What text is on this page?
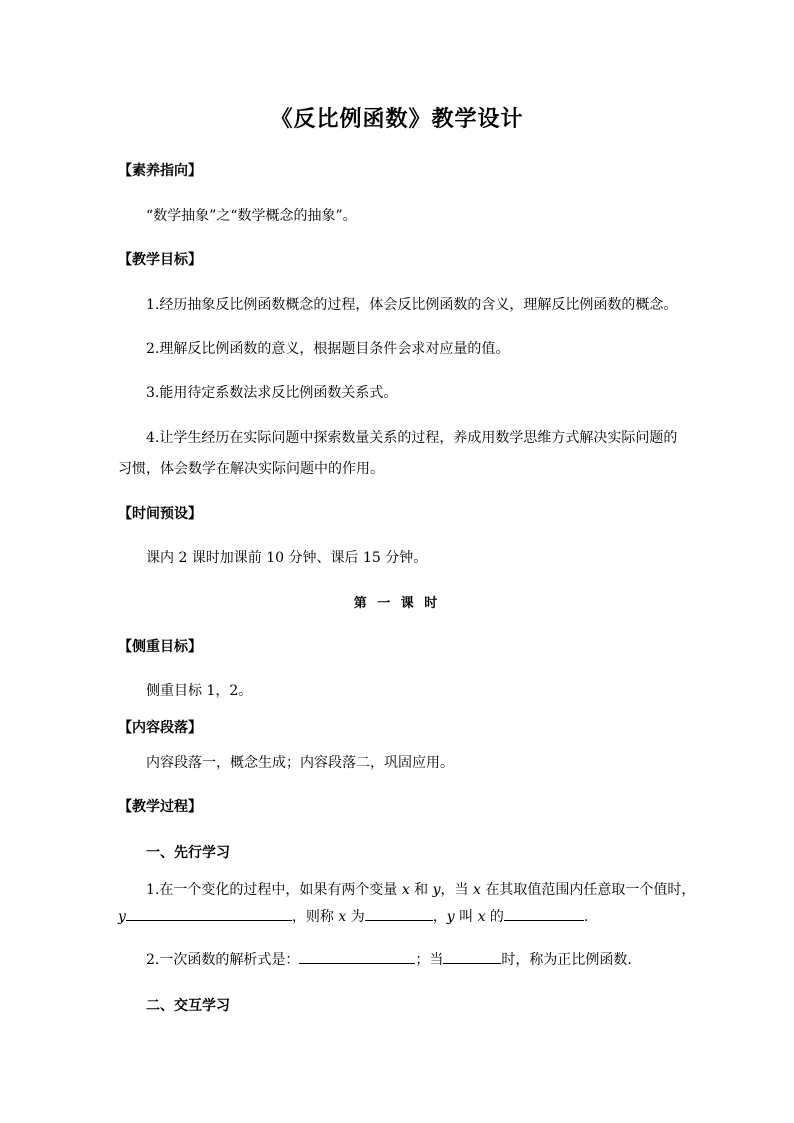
《反比例函数》教学设计
【素养指向】
“数学抽象”之“数学概念的抽象”。
【教学目标】
1.经历抽象反比例函数概念的过程，体会反比例函数的含义，理解反比例函数的概念。
2.理解反比例函数的意义，根据题目条件会求对应量的值。
3.能用待定系数法求反比例函数关系式。
4.让学生经历在实际问题中探索数量关系的过程，养成用数学思维方式解决实际问题的
习惯，体会数学在解决实际问题中的作用。
【时间预设】
课内 2 课时加课前 10 分钟、课后 15 分钟。
第 一 课 时
【侧重目标】
侧重目标 1，2。
【内容段落】
内容段落一，概念生成；内容段落二，巩固应用。
【教学过程】
一、先行学习
1.在一个变化的过程中，如果有两个变量 x 和 y，当 x 在其取值范围内任意取一个值时，
y	，则称 x 为	，y 叫 x 的	.
2.一次函数的解析式是：	；当	时，称为正比例函数.
二、交互学习
